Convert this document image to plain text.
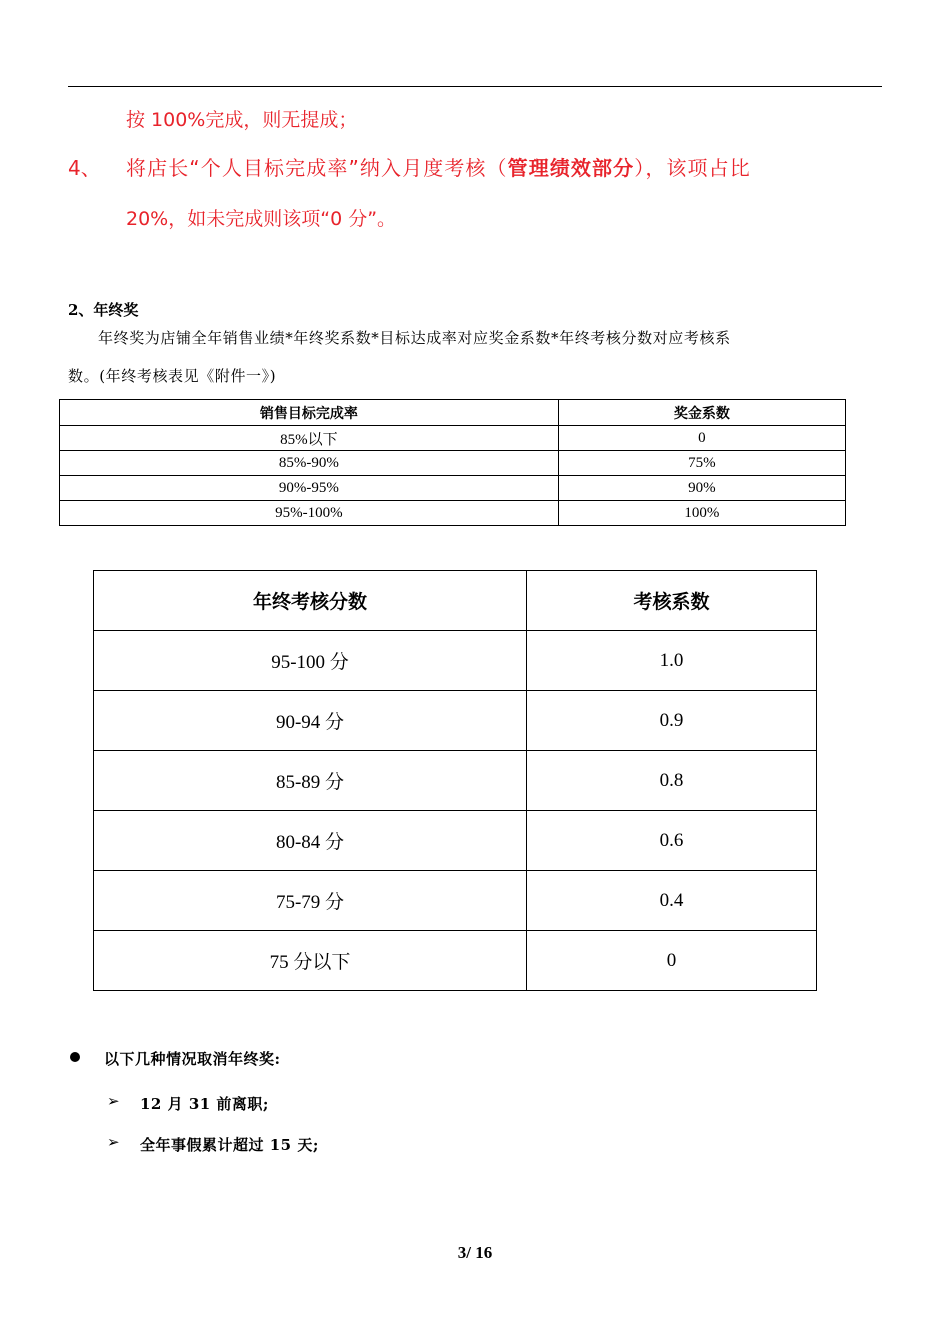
按 100%完成，则无提成；
4、 将店长“个人目标完成率”纳入月度考核（管理绩效部分），该项占比
20%，如未完成则该项“0 分”。
2、年终奖
年终奖为店铺全年销售业绩*年终奖系数*目标达成率对应奖金系数*年终考核分数对应考核系
数。(年终考核表见《附件一》)
销售目标完成率	奖金系数
85%以下	0
85%-90%	75%
90%-95%	90%
95%-100%	100%
年终考核分数	考核系数
95-100 分	1.0
90-94 分	0.9
85-89 分	0.8
80-84 分	0.6
75-79 分	0.4
75 分以下	0
以下几种情况取消年终奖:
➢ 12 月 31 前离职;
➢ 全年事假累计超过 15 天;
3/ 16
